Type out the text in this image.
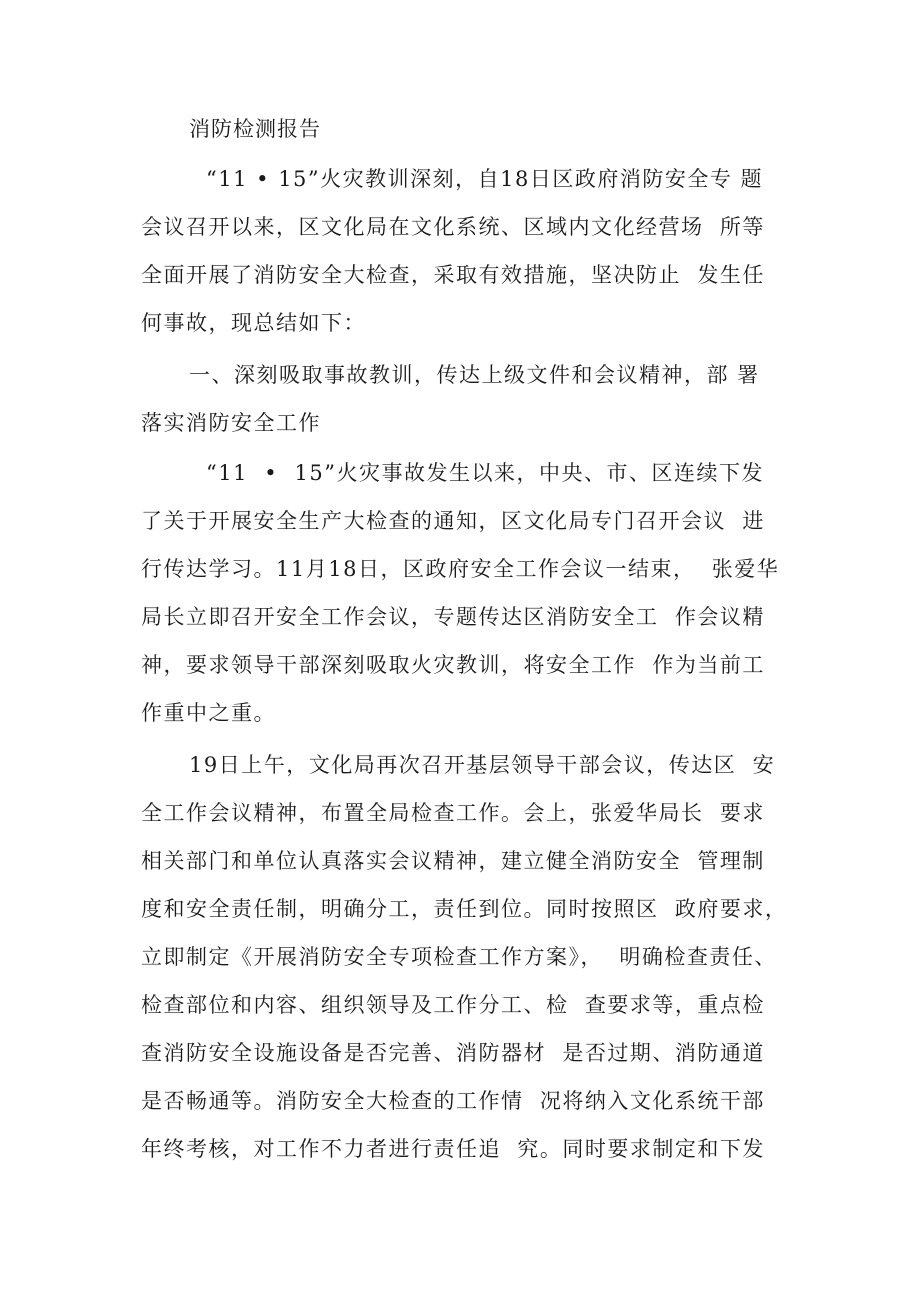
消防检测报告
“11 • 15”火灾教训深刻，自18日区政府消防安全专 题
会议召开以来，区文化局在文化系统、区域内文化经营场  所等
全面开展了消防安全大检查，采取有效措施，坚决防止  发生任
何事故，现总结如下：
一、深刻吸取事故教训，传达上级文件和会议精神，部 署
落实消防安全工作
“11  •  15”火灾事故发生以来，中央、市、区连续下发
了关于开展安全生产大检查的通知，区文化局专门召开会议  进
行传达学习。11月18日，区政府安全工作会议一结束，  张爱华
局长立即召开安全工作会议，专题传达区消防安全工  作会议精
神，要求领导干部深刻吸取火灾教训，将安全工作  作为当前工
作重中之重。
19日上午，文化局再次召开基层领导干部会议，传达区  安
全工作会议精神，布置全局检查工作。会上，张爱华局长  要求
相关部门和单位认真落实会议精神，建立健全消防安全  管理制
度和安全责任制，明确分工，责任到位。同时按照区  政府要求，
立即制定《开展消防安全专项检查工作方案》，  明确检查责任、
检查部位和内容、组织领导及工作分工、检  查要求等，重点检
查消防安全设施设备是否完善、消防器材  是否过期、消防通道
是否畅通等。消防安全大检查的工作情  况将纳入文化系统干部
年终考核，对工作不力者进行责任追  究。同时要求制定和下发
